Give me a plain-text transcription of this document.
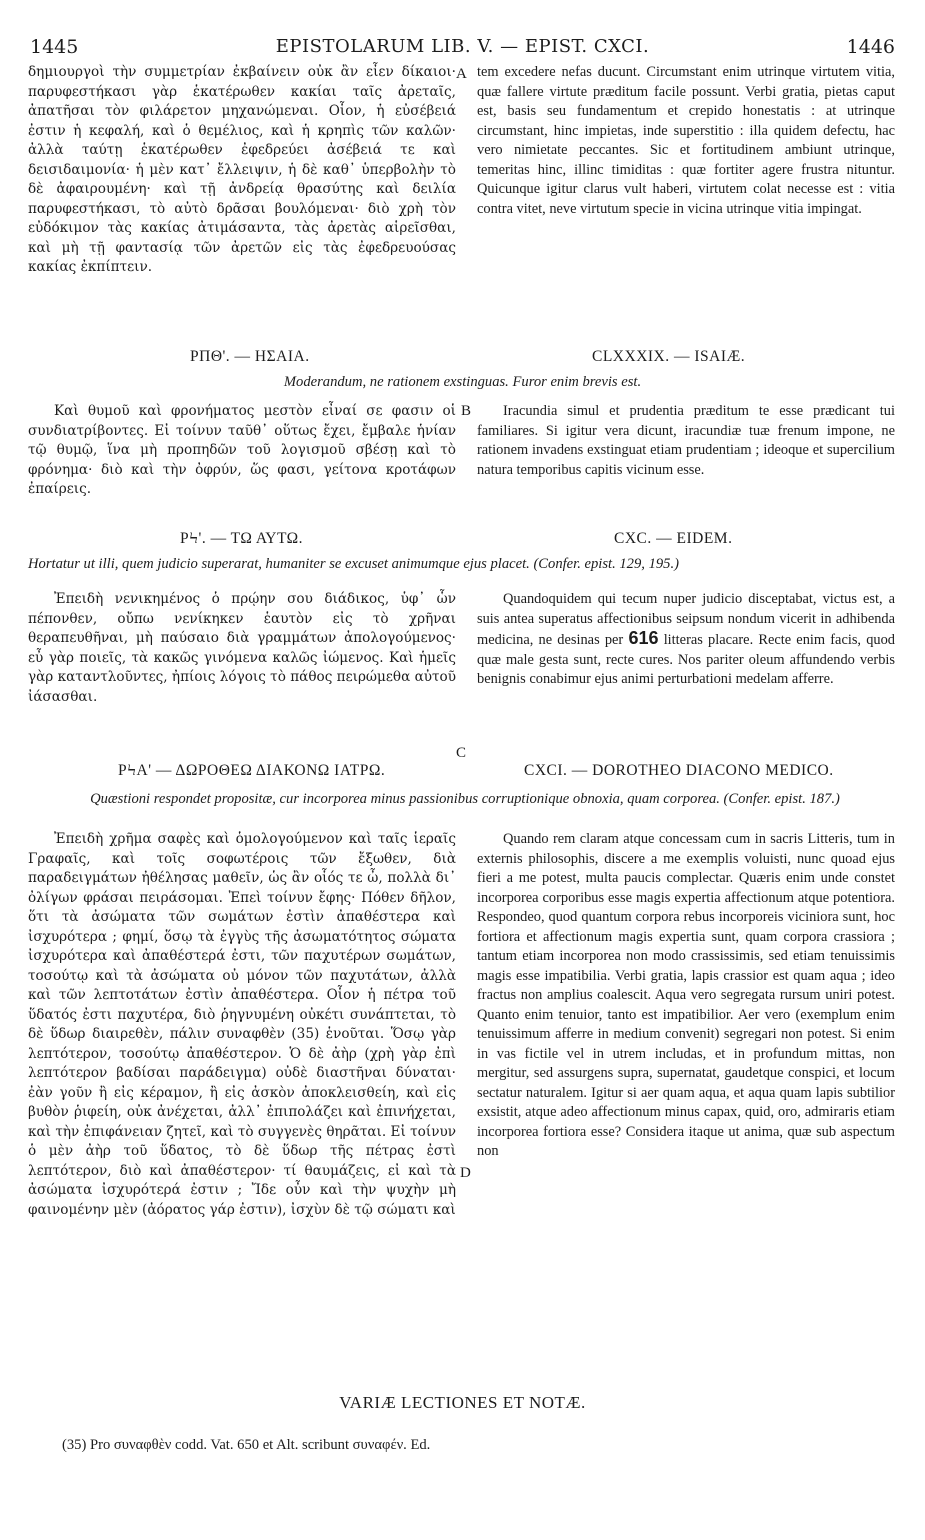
1445	EPISTOLARUM LIB. V. — EPIST. CXCI.	1446

δημιουργοὶ τὴν συμμετρίαν ἐκβαίνειν οὐκ ἂν εἶεν δίκαιοι· παρυφεστήκασι γὰρ ἑκατέρωθεν κακίαι ταῖς ἀρεταῖς, ἀπατῆσαι τὸν φιλάρετον μηχανώμεναι. Οἷον, ἡ εὐσέβειά ἐστιν ἡ κεφαλή, καὶ ὁ θεμέλιος, καὶ ἡ κρηπὶς τῶν καλῶν· ἀλλὰ ταύτῃ ἑκατέρωθεν ἐφεδρεύει ἀσέβειά τε καὶ δεισιδαιμονία· ἡ μὲν κατ᾽ ἔλλειψιν, ἡ δὲ καθ᾽ ὑπερβολὴν τὸ δὲ ἀφαιρουμένη· καὶ τῇ ἀνδρείᾳ θρασύτης καὶ δειλία παρυφεστήκασι, τὸ αὐτὸ δρᾶσαι βουλόμεναι· διὸ χρὴ τὸν εὐδόκιμον τὰς κακίας ἀτιμάσαντα, τὰς ἀρετὰς αἱρεῖσθαι, καὶ μὴ τῇ φαντασίᾳ τῶν ἀρετῶν εἰς τὰς ἐφεδρευούσας κακίας ἐκπίπτειν.

A tem excedere nefas ducunt. Circumstant enim utrinque virtutem vitia, quæ fallere virtute præditum facile possunt. Verbi gratia, pietas caput est, basis seu fundamentum et crepido honestatis : at utrinque circumstant, hinc impietas, inde superstitio : illa quidem defectu, hac vero nimietate peccantes. Sic et fortitudinem ambiunt utrinque, temeritas hinc, illinc timiditas : quæ fortiter agere frustra nituntur. Quicunque igitur clarus vult haberi, virtutem colat necesse est : vitia contra vitet, neve virtutum specie in vicina utrinque vitia impingat.

ΡΠΘ'. — ΗΣΑΙΑ.	CLXXXIX. — ISAIÆ.
Moderandum, ne rationem exstinguas. Furor enim brevis est.

Καὶ θυμοῦ καὶ φρονήματος μεστὸν εἶναί σε φασιν οἱ συνδιατρίβοντες. Εἰ τοίνυν ταῦθ᾽ οὕτως ἔχει, ἔμβαλε ἡνίαν τῷ θυμῷ, ἵνα μὴ προπηδῶν τοῦ λογισμοῦ σβέσῃ καὶ τὸ φρόνημα· διὸ καὶ τὴν ὀφρύν, ὥς φασι, γείτονα κροτάφων ἐπαίρεις.

B	Iracundia simul et prudentia præditum te esse prædicant tui familiares. Si igitur vera dicunt, iracundiæ tuæ frenum impone, ne rationem invadens exstinguat etiam prudentiam ; ideoque et supercilium natura temporibus capitis vicinum esse.

ΡϞ'. — ΤΩ ΑΥΤΩ.	CXC. — EIDEM.
Hortatur ut illi, quem judicio superarat, humaniter se excuset animumque ejus placet. (Confer. epist. 129, 195.)

Ἐπειδὴ νενικημένος ὁ πρῴην σου διάδικος, ὑφ᾽ ὧν πέπονθεν, οὔπω νενίκηκεν ἑαυτὸν εἰς τὸ χρῆναι θεραπευθῆναι, μὴ παύσαιο διὰ γραμμάτων ἀπολογούμενος· εὖ γὰρ ποιεῖς, τὰ κακῶς γινόμενα καλῶς ἰώμενος. Καὶ ἡμεῖς γὰρ καταντλοῦντες, ἠπίοις λόγοις τὸ πάθος πειρώμεθα αὐτοῦ ἰάσασθαι.

Quandoquidem qui tecum nuper judicio disceptabat, victus est, a suis antea superatus affectionibus seipsum nondum vicerit in adhibenda medicina, ne desinas per 616 litteras placare. Recte enim facis, quod quæ male gesta sunt, recte cures. Nos pariter oleum affundendo verbis benignis conabimur ejus animi perturbationi medelam afferre.

C
ΡϞΑ' — ΔΩΡΟΘΕΩ ΔΙΑΚΟΝΩ ΙΑΤΡΩ.	CXCI. — DOROTHEO DIACONO MEDICO.
Quæstioni respondet propositæ, cur incorporea minus passionibus corruptionique obnoxia, quam corporea. (Confer. epist. 187.)

Ἐπειδὴ χρῆμα σαφὲς καὶ ὁμολογούμενον καὶ ταῖς ἱεραῖς Γραφαῖς, καὶ τοῖς σοφωτέροις τῶν ἔξωθεν, διὰ παραδειγμάτων ἠθέλησας μαθεῖν, ὡς ἂν οἷός τε ὦ, πολλὰ δι᾽ ὀλίγων φράσαι πειράσομαι. Ἐπεὶ τοίνυν ἔφης· Πόθεν δῆλον, ὅτι τὰ ἀσώματα τῶν σωμάτων ἐστὶν ἀπαθέστερα καὶ ἰσχυρότερα ; φημί, ὅσῳ τὰ ἐγγὺς τῆς ἀσωματότητος σώματα ἰσχυρότερα καὶ ἀπαθέστερά ἐστι, τῶν παχυτέρων σωμάτων, τοσούτῳ καὶ τὰ ἀσώματα οὐ μόνον τῶν παχυτάτων, ἀλλὰ καὶ τῶν λεπτοτάτων ἐστὶν ἀπαθέστερα. Οἷον ἡ πέτρα τοῦ ὕδατός ἐστι παχυτέρα, διὸ ῥηγνυμένη οὐκέτι συνάπτεται, τὸ δὲ ὕδωρ διαιρεθὲν, πάλιν συναφθὲν (35) ἑνοῦται. Ὅσῳ γὰρ λεπτότερον, τοσούτῳ ἀπαθέστερον. Ὁ δὲ ἀὴρ (χρὴ γὰρ ἐπὶ λεπτότερον βαδίσαι παράδειγμα) οὐδὲ διαστῆναι δύναται· ἐὰν γοῦν ἢ εἰς κέραμον, ἢ εἰς ἀσκὸν ἀποκλεισθείη, καὶ εἰς βυθὸν ῥιφείη, οὐκ ἀνέχεται, ἀλλ᾽ ἐπιπολάζει καὶ ἐπινήχεται, καὶ τὴν ἐπιφάνειαν ζητεῖ, καὶ τὸ συγγενὲς θηρᾶται. Εἰ τοίνυν ὁ μὲν ἀὴρ τοῦ ὕδατος, τὸ δὲ ὕδωρ τῆς πέτρας ἐστὶ λεπτότερον, διὸ καὶ ἀπαθέστερον· τί θαυμάζεις, εἰ καὶ τὰ ἀσώματα ἰσχυρότερά ἐστιν ; Ἴδε οὖν καὶ τὴν ψυχὴν μὴ φαινομένην μὲν (ἀόρατος γάρ ἐστιν), ἰσχὺν δὲ τῷ σώματι καὶ

D

Quando rem claram atque concessam cum in sacris Litteris, tum in externis philosophis, discere a me exemplis voluisti, nunc quoad ejus fieri a me potest, multa paucis complectar. Quæris enim unde constet incorporea corporibus esse magis expertia affectionum atque potentiora. Respondeo, quod quantum corpora rebus incorporeis viciniora sunt, hoc fortiora et affectionum magis expertia sunt, quam corpora crassiora ; tantum etiam incorporea non modo crassissimis, sed etiam tenuissimis magis esse impatibilia. Verbi gratia, lapis crassior est quam aqua ; ideo fractus non amplius coalescit. Aqua vero segregata rursum uniri potest. Quanto enim tenuior, tanto est impatibilior. Aer vero (exemplum enim tenuissimum afferre in medium convenit) segregari non potest. Si enim in vas fictile vel in utrem includas, et in profundum mittas, non mergitur, sed assurgens supra, supernatat, gaudetque conspici, et locum sectatur naturalem. Igitur si aer quam aqua, et aqua quam lapis subtilior exsistit, atque adeo affectionum minus capax, quid, oro, admiraris etiam incorporea fortiora esse? Considera itaque ut anima, quæ sub aspectum non

VARIÆ LECTIONES ET NOTÆ.
(35) Pro συναφθὲν codd. Vat. 650 et Alt. scribunt συναφέν. Ed.
